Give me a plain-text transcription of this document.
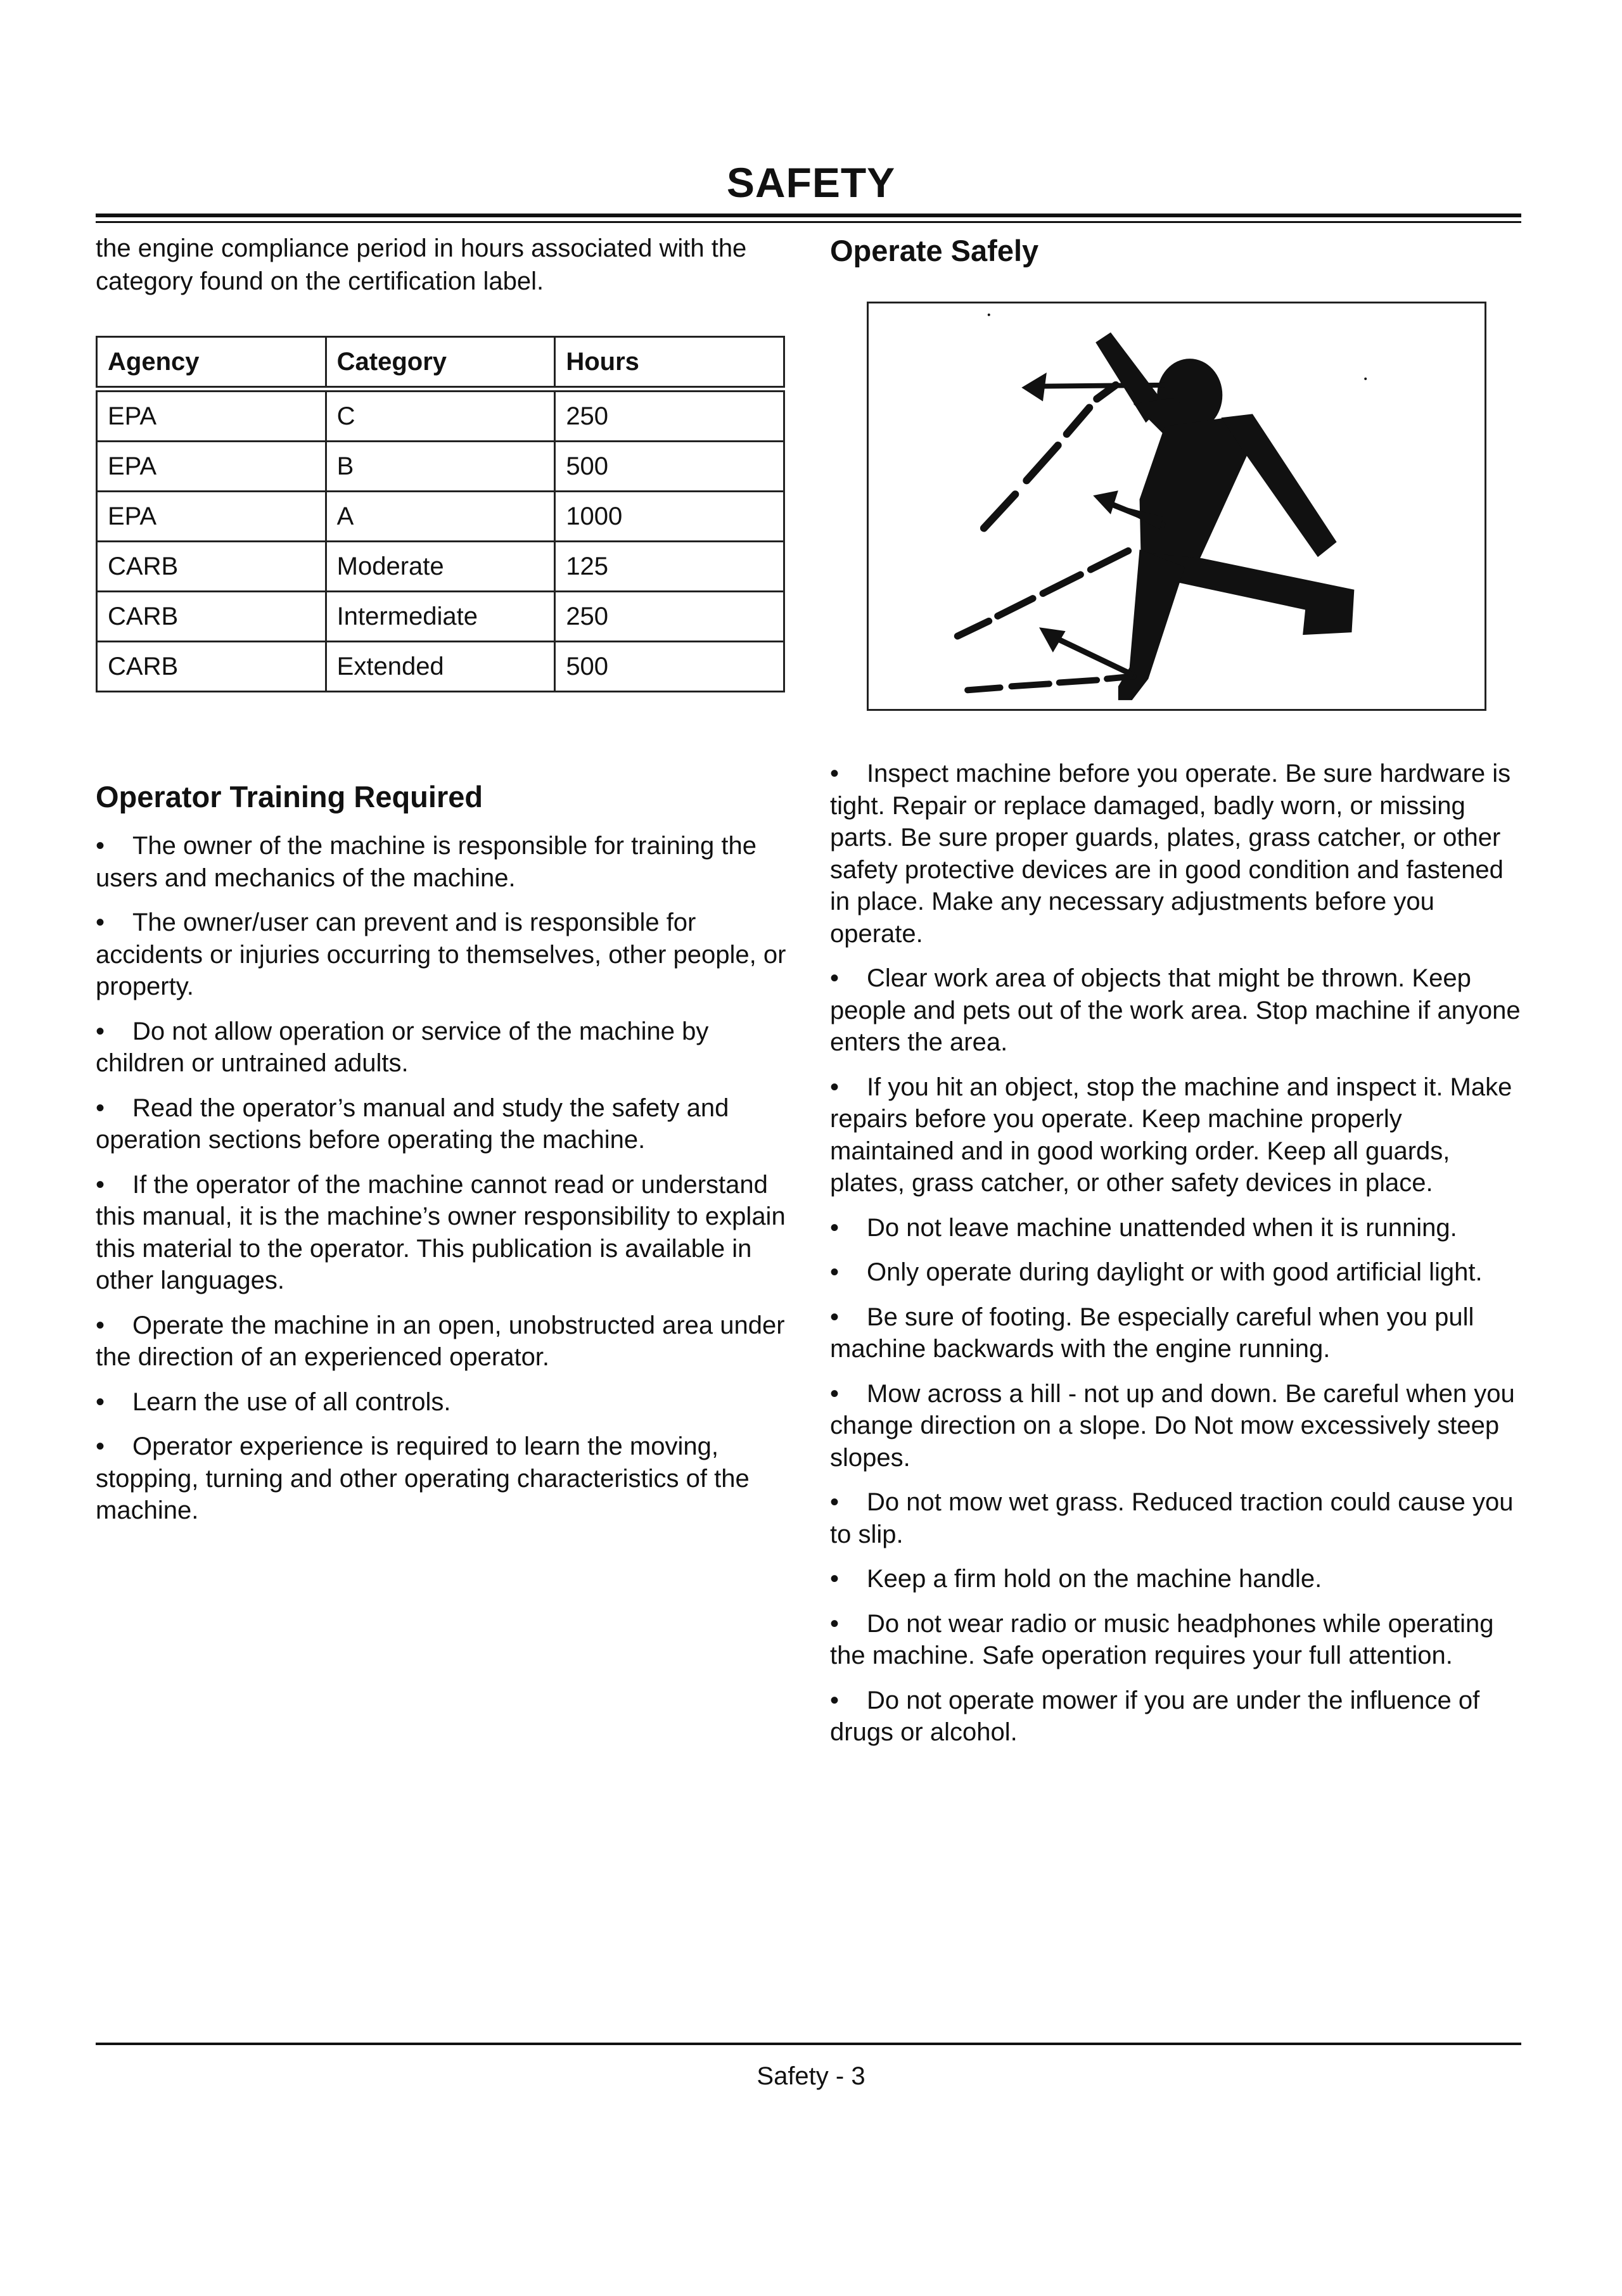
SAFETY

the engine compliance period in hours associated with the category found on the certification label.

Agency	Category	Hours
EPA	C	250
EPA	B	500
EPA	A	1000
CARB	Moderate	125
CARB	Intermediate	250
CARB	Extended	500
Operator Training Required
• The owner of the machine is responsible for training the users and mechanics of the machine.
• The owner/user can prevent and is responsible for accidents or injuries occurring to themselves, other people, or property.
• Do not allow operation or service of the machine by children or untrained adults.
• Read the operator’s manual and study the safety and operation sections before operating the machine.
• If the operator of the machine cannot read or understand this manual, it is the machine’s owner responsibility to explain this material to the operator. This publication is available in other languages.
• Operate the machine in an open, unobstructed area under the direction of an experienced operator.
• Learn the use of all controls.
• Operator experience is required to learn the moving, stopping, turning and other operating characteristics of the machine.
Operate Safely
• Inspect machine before you operate. Be sure hardware is tight. Repair or replace damaged, badly worn, or missing parts. Be sure proper guards, plates, grass catcher, or other safety protective devices are in good condition and fastened in place. Make any necessary adjustments before you operate.
• Clear work area of objects that might be thrown. Keep people and pets out of the work area. Stop machine if anyone enters the area.
• If you hit an object, stop the machine and inspect it. Make repairs before you operate. Keep machine properly maintained and in good working order. Keep all guards, plates, grass catcher, or other safety devices in place.
• Do not leave machine unattended when it is running.
• Only operate during daylight or with good artificial light.
• Be sure of footing. Be especially careful when you pull machine backwards with the engine running.
• Mow across a hill - not up and down. Be careful when you change direction on a slope. Do Not mow excessively steep slopes.
• Do not mow wet grass. Reduced traction could cause you to slip.
• Keep a firm hold on the machine handle.
• Do not wear radio or music headphones while operating the machine. Safe operation requires your full attention.
• Do not operate mower if you are under the influence of drugs or alcohol.
Safety - 3
